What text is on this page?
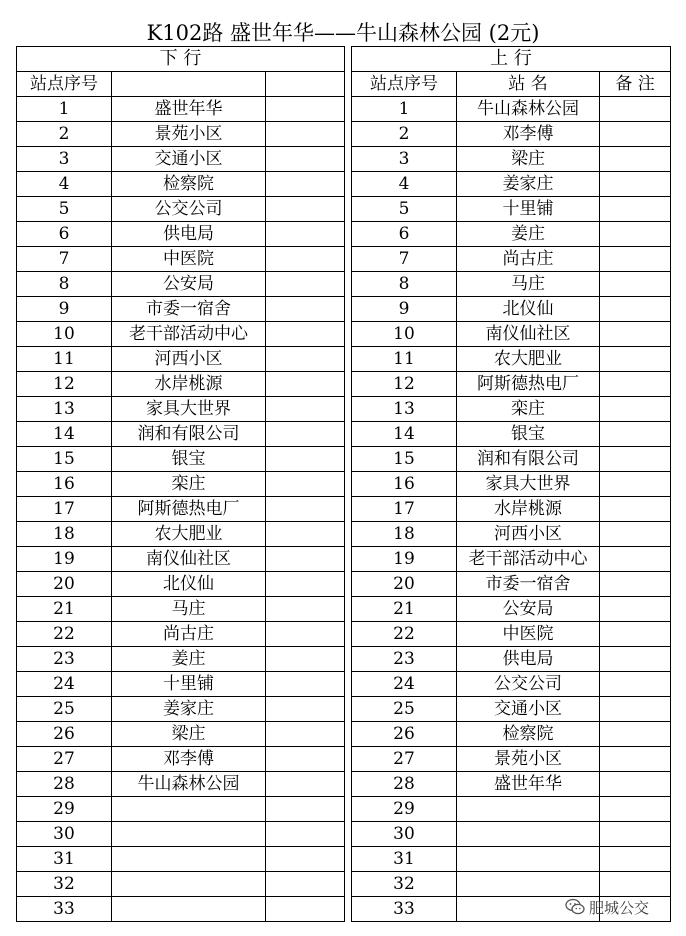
K102路 盛世年华——牛山森林公园 (2元)
下 行		
站点序号		
1	盛世年华	
2	景苑小区	
3	交通小区	
4	检察院	
5	公交公司	
6	供电局	
7	中医院	
8	公安局	
9	市委一宿舍	
10	老干部活动中心	
11	河西小区	
12	水岸桃源	
13	家具大世界	
14	润和有限公司	
15	银宝	
16	栾庄	
17	阿斯德热电厂	
18	农大肥业	
19	南仪仙社区	
20	北仪仙	
21	马庄	
22	尚古庄	
23	姜庄	
24	十里铺	
25	姜家庄	
26	梁庄	
27	邓李傅	
28	牛山森林公园	
29		
30		
31		
32		
33		
上 行		
站点序号	站 名	备 注
1	牛山森林公园	
2	邓李傅	
3	梁庄	
4	姜家庄	
5	十里铺	
6	姜庄	
7	尚古庄	
8	马庄	
9	北仪仙	
10	南仪仙社区	
11	农大肥业	
12	阿斯德热电厂	
13	栾庄	
14	银宝	
15	润和有限公司	
16	家具大世界	
17	水岸桃源	
18	河西小区	
19	老干部活动中心	
20	市委一宿舍	
21	公安局	
22	中医院	
23	供电局	
24	公交公司	
25	交通小区	
26	检察院	
27	景苑小区	
28	盛世年华	
29		
30		
31		
32		
33			肥城公交
